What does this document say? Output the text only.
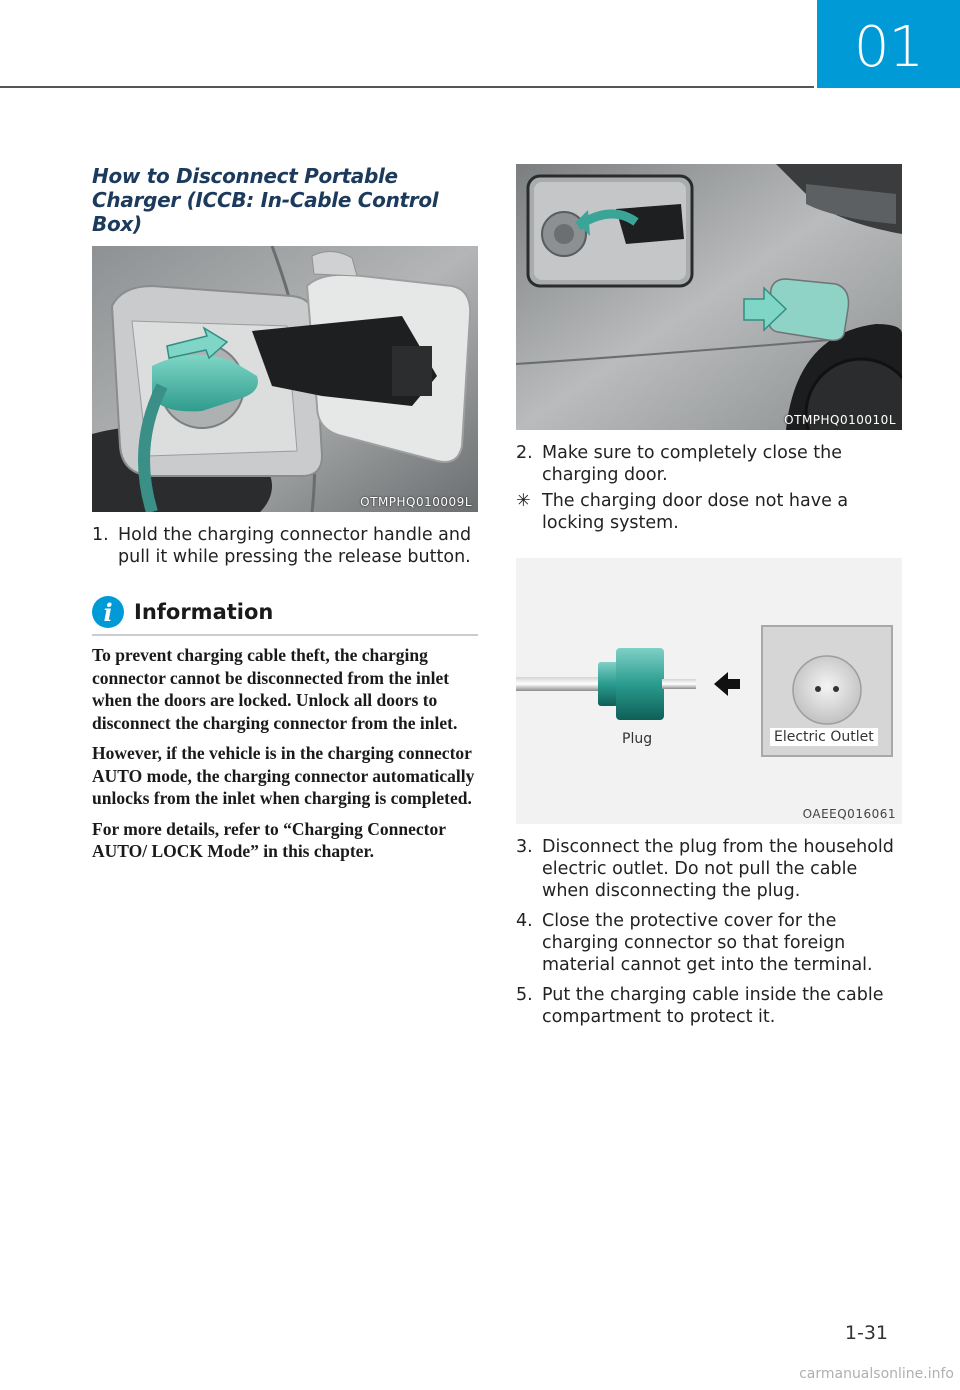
01
How to Disconnect Portable Charger (ICCB: In-Cable Control Box)
OTMPHQ010009L
1. Hold the charging connector handle and pull it while pressing the release button.
i	Information

To prevent charging cable theft, the charging connector cannot be disconnected from the inlet when the doors are locked. Unlock all doors to disconnect the charging connector from the inlet.

However, if the vehicle is in the charging connector AUTO mode, the charging connector automatically unlocks from the inlet when charging is completed.

For more details, refer to “Charging Connector AUTO/ LOCK Mode” in this chapter.

OTMPHQ010010L
2. Make sure to completely close the charging door.
✳ The charging door dose not have a locking system.
Plug	Electric Outlet
OAEEQ016061
3. Disconnect the plug from the household electric outlet. Do not pull the cable when disconnecting the plug.
4. Close the protective cover for the charging connector so that foreign material cannot get into the terminal.
5. Put the charging cable inside the cable compartment to protect it.
1-31
carmanualsonline.info
